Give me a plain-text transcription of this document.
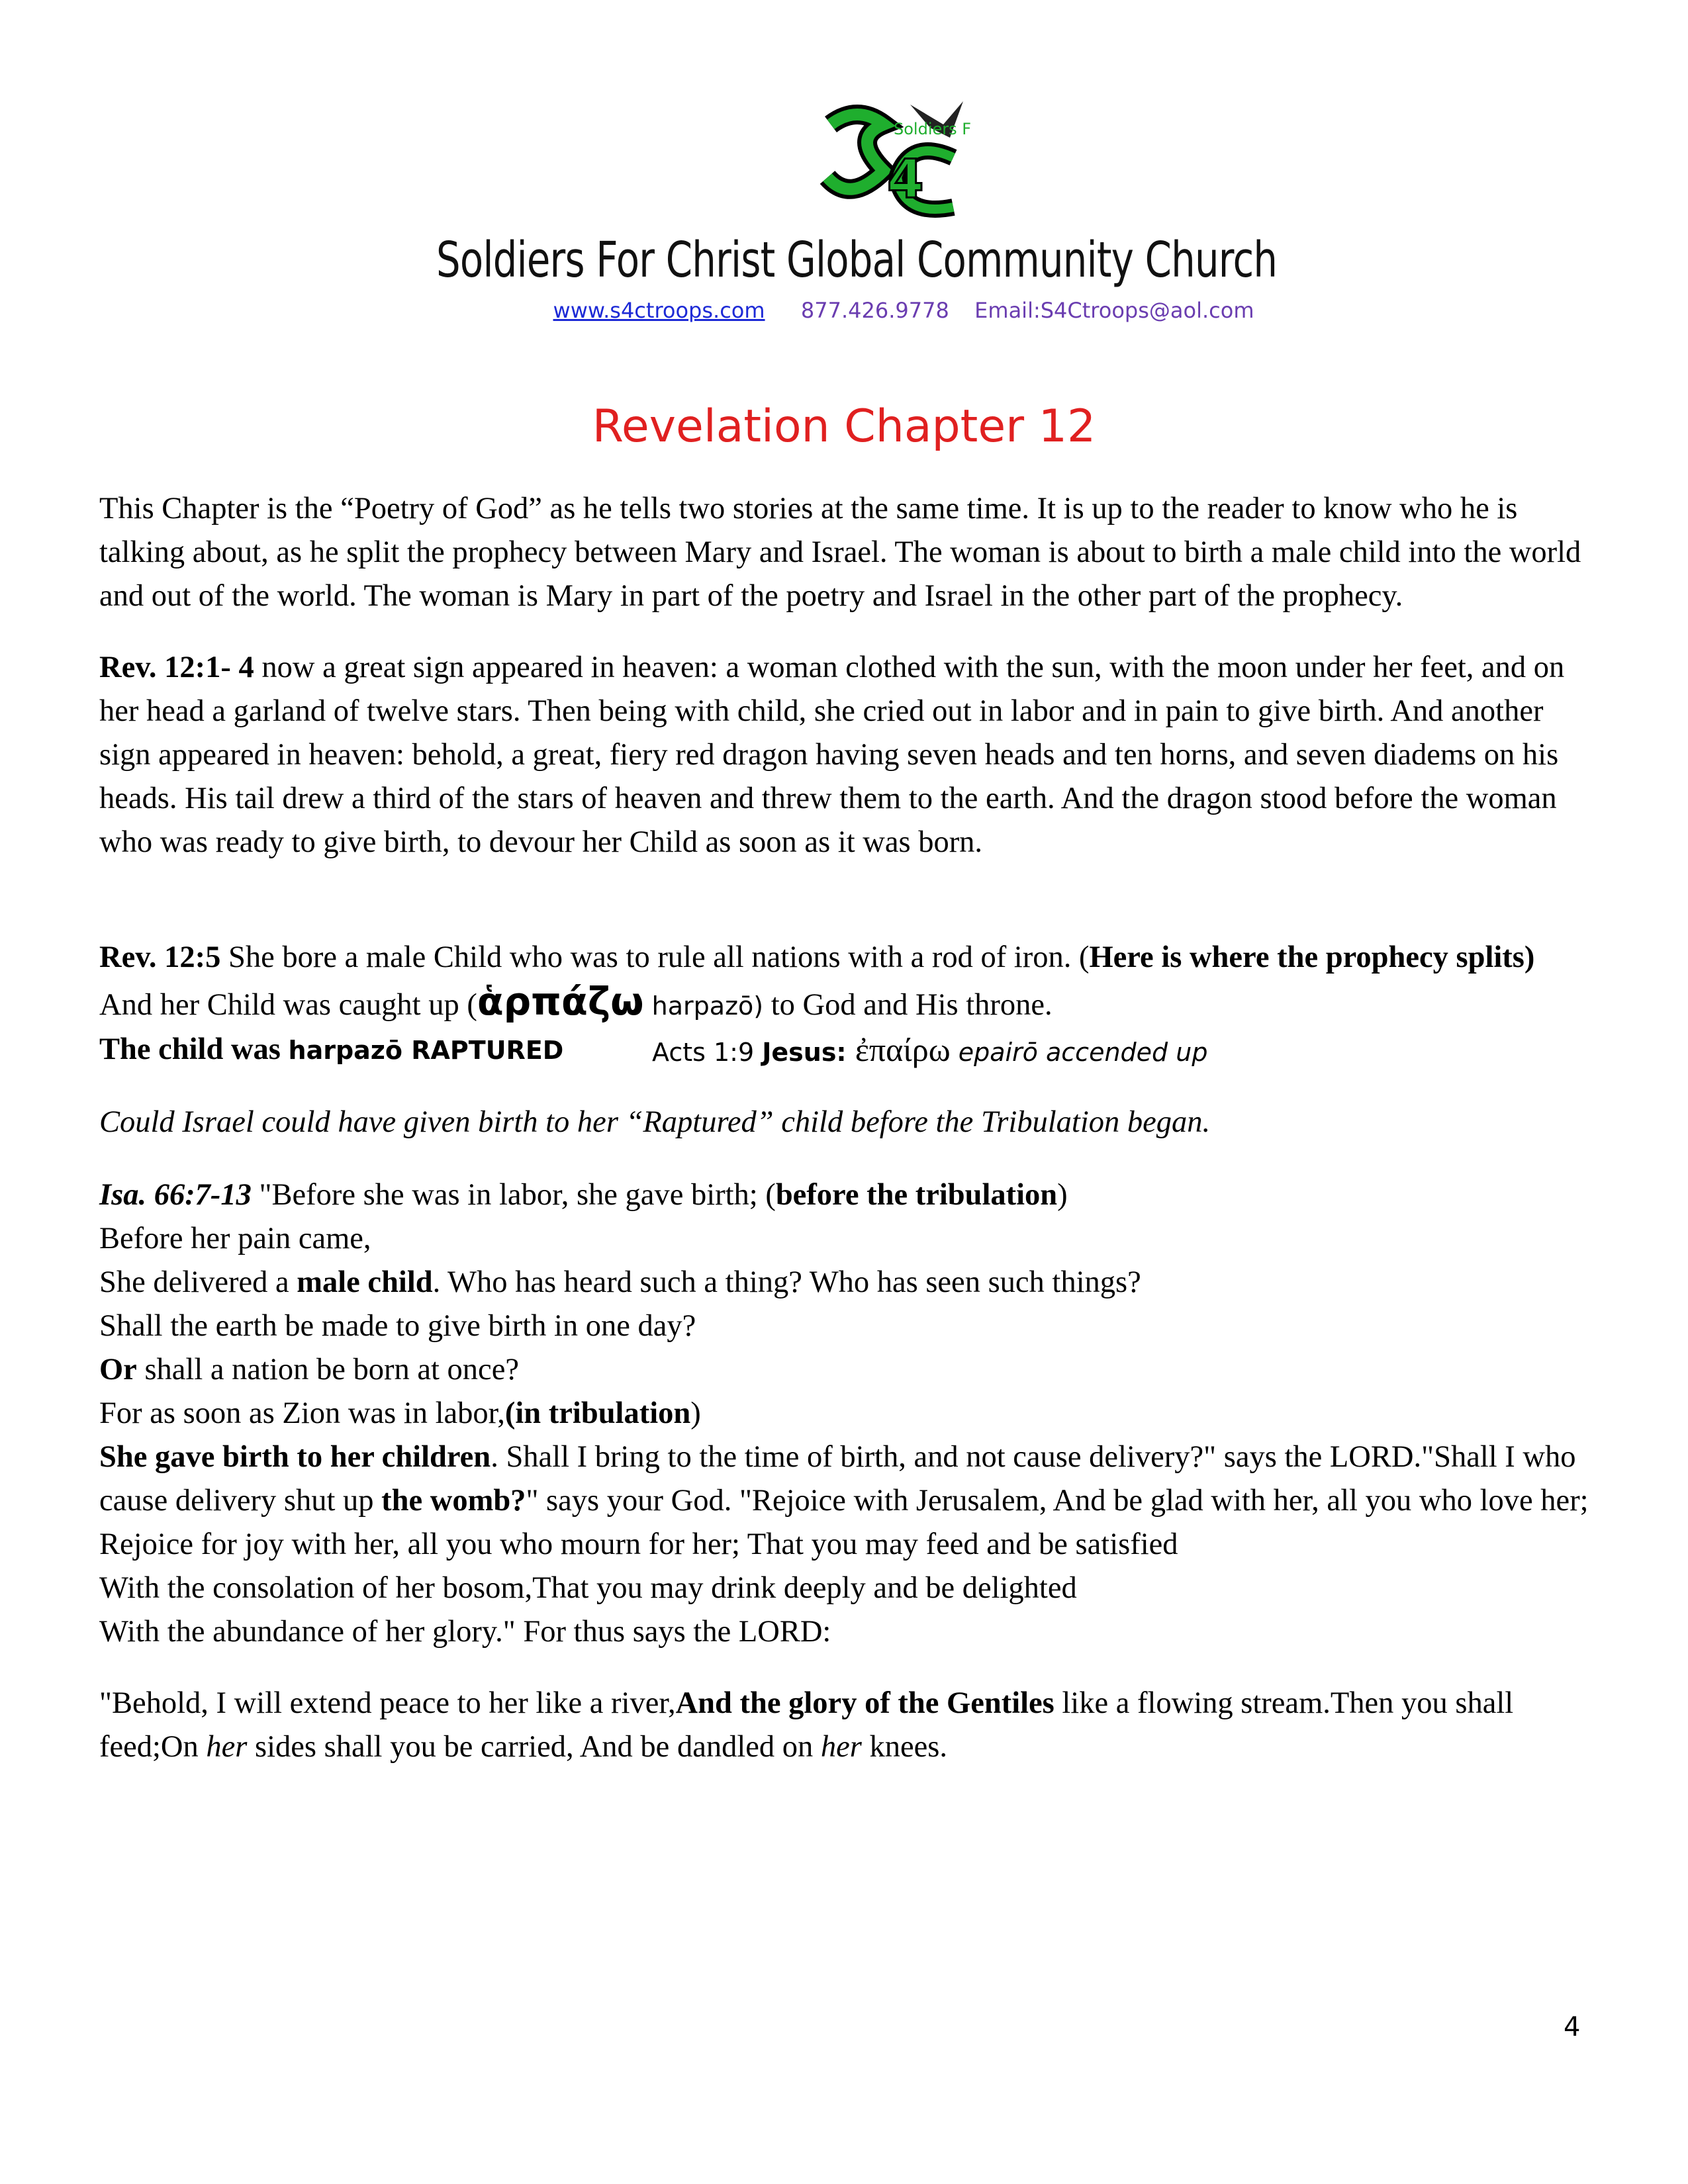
4
Soldiers F
Soldiers For Christ Global Community Church
www.s4ctroops.com 877.426.9778 Email:S4Ctroops@aol.com
Revelation Chapter 12

This Chapter is the “Poetry of God” as he tells two stories at the same time. It is up to the reader to know who he is talking about, as he split the prophecy between Mary and Israel. The woman is about to birth a male child into the world and out of the world. The woman is Mary in part of the poetry and Israel in the other part of the prophecy.

Rev. 12:1- 4 now a great sign appeared in heaven: a woman clothed with the sun, with the moon under her feet, and on her head a garland of twelve stars. Then being with child, she cried out in labor and in pain to give birth. And another sign appeared in heaven: behold, a great, fiery red dragon having seven heads and ten horns, and seven diadems on his heads. His tail drew a third of the stars of heaven and threw them to the earth. And the dragon stood before the woman who was ready to give birth, to devour her Child as soon as it was born.

Rev. 12:5 She bore a male Child who was to rule all nations with a rod of iron. (Here is where the prophecy splits) And her Child was caught up (ἁρπάζω harpazō) to God and His throne.

The child was harpazō RAPTURED	Acts 1:9 Jesus: ἐπαίρω epairō accended up

Could Israel could have given birth to her “Raptured” child before the Tribulation began.

Isa. 66:7-13 "Before she was in labor, she gave birth; (before the tribulation)

Before her pain came,

She delivered a male child. Who has heard such a thing? Who has seen such things?

Shall the earth be made to give birth in one day?

Or shall a nation be born at once?

For as soon as Zion was in labor,(in tribulation)

She gave birth to her children. Shall I bring to the time of birth, and not cause delivery?" says the LORD."Shall I who cause delivery shut up the womb?" says your God. "Rejoice with Jerusalem, And be glad with her, all you who love her;

Rejoice for joy with her, all you who mourn for her; That you may feed and be satisfied

With the consolation of her bosom,That you may drink deeply and be delighted

With the abundance of her glory." For thus says the LORD:

"Behold, I will extend peace to her like a river,And the glory of the Gentiles like a flowing stream.Then you shall feed;On her sides shall you be carried, And be dandled on her knees.

4
